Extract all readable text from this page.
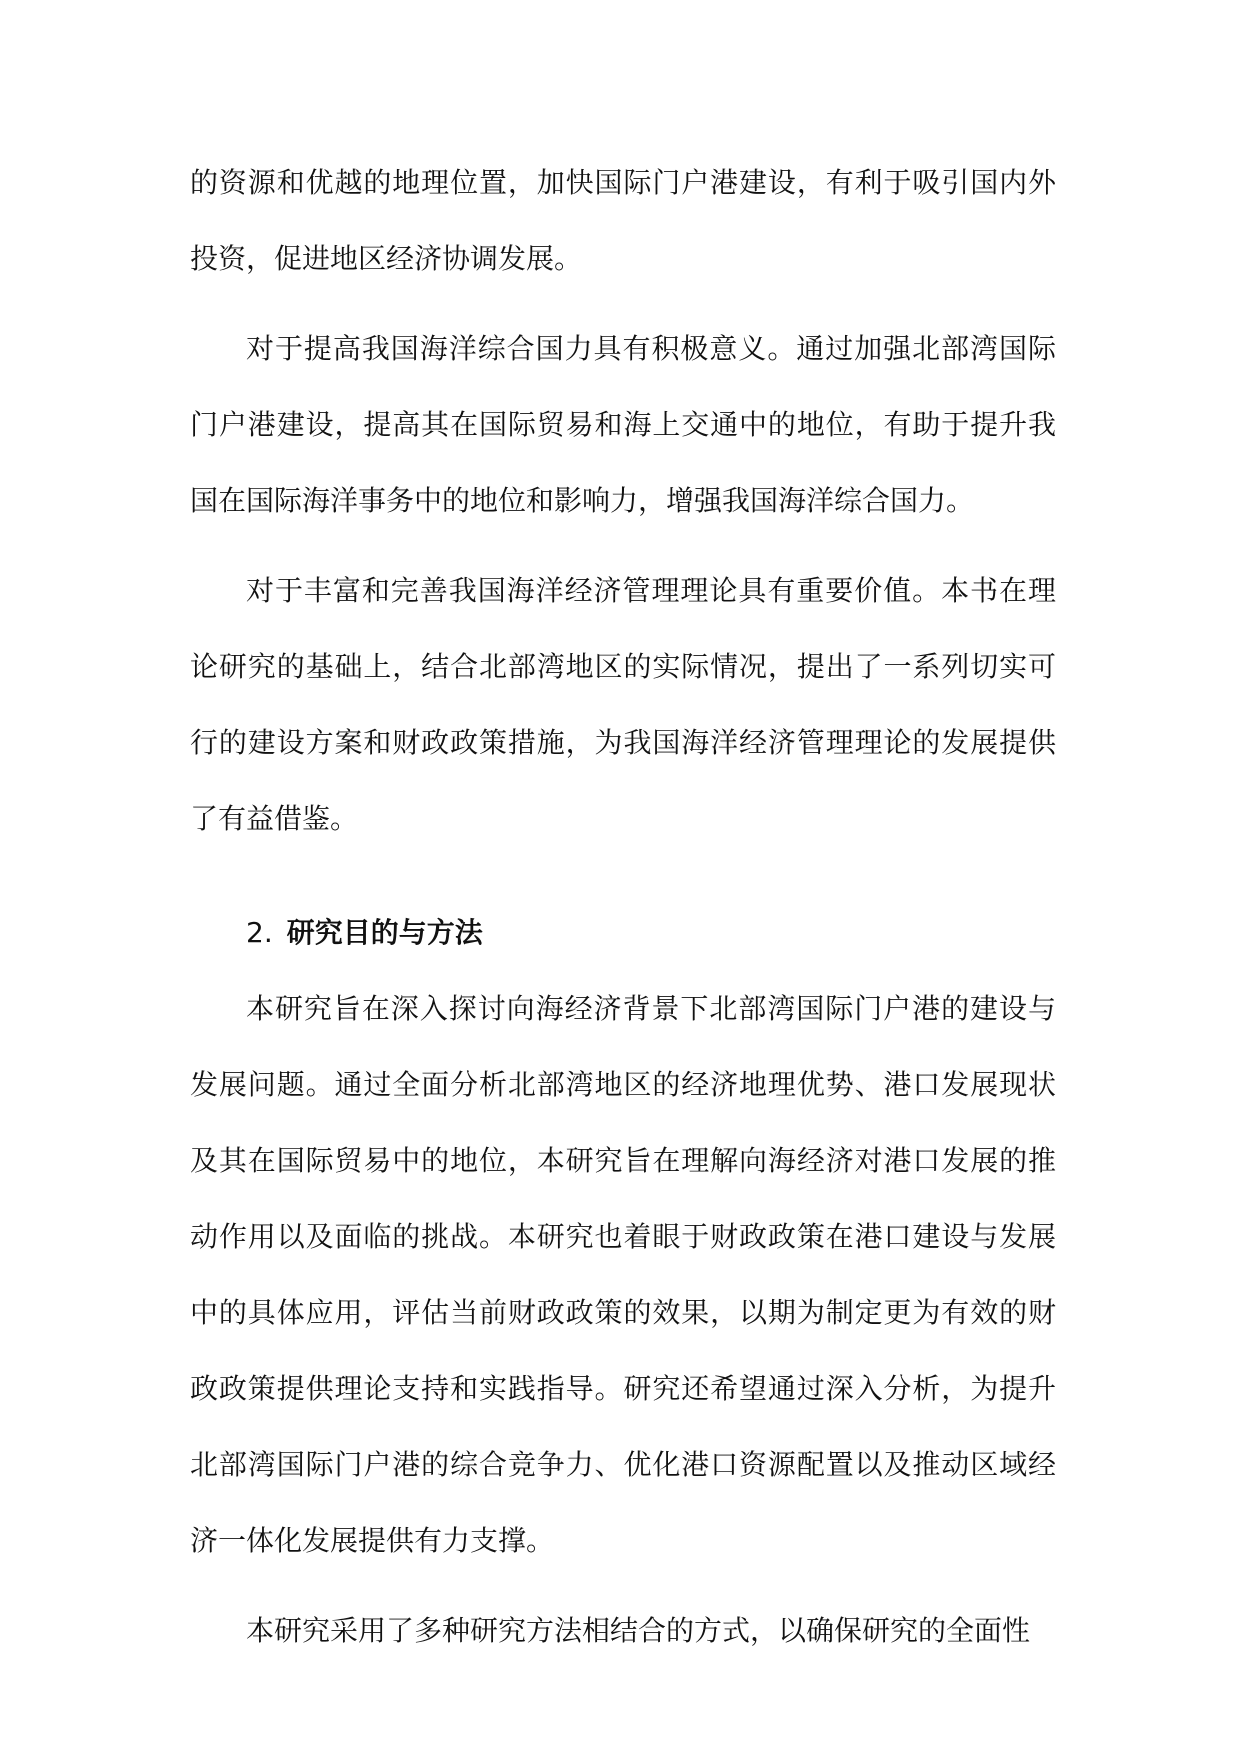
的资源和优越的地理位置，加快国际门户港建设，有利于吸引国内外投资，促进地区经济协调发展。

对于提高我国海洋综合国力具有积极意义。通过加强北部湾国际门户港建设，提高其在国际贸易和海上交通中的地位，有助于提升我国在国际海洋事务中的地位和影响力，增强我国海洋综合国力。

对于丰富和完善我国海洋经济管理理论具有重要价值。本书在理论研究的基础上，结合北部湾地区的实际情况，提出了一系列切实可行的建设方案和财政政策措施，为我国海洋经济管理理论的发展提供了有益借鉴。

2. 研究目的与方法

本研究旨在深入探讨向海经济背景下北部湾国际门户港的建设与发展问题。通过全面分析北部湾地区的经济地理优势、港口发展现状及其在国际贸易中的地位，本研究旨在理解向海经济对港口发展的推动作用以及面临的挑战。本研究也着眼于财政政策在港口建设与发展中的具体应用，评估当前财政政策的效果，以期为制定更为有效的财政政策提供理论支持和实践指导。研究还希望通过深入分析，为提升北部湾国际门户港的综合竞争力、优化港口资源配置以及推动区域经济一体化发展提供有力支撑。

本研究采用了多种研究方法相结合的方式，以确保研究的全面性
